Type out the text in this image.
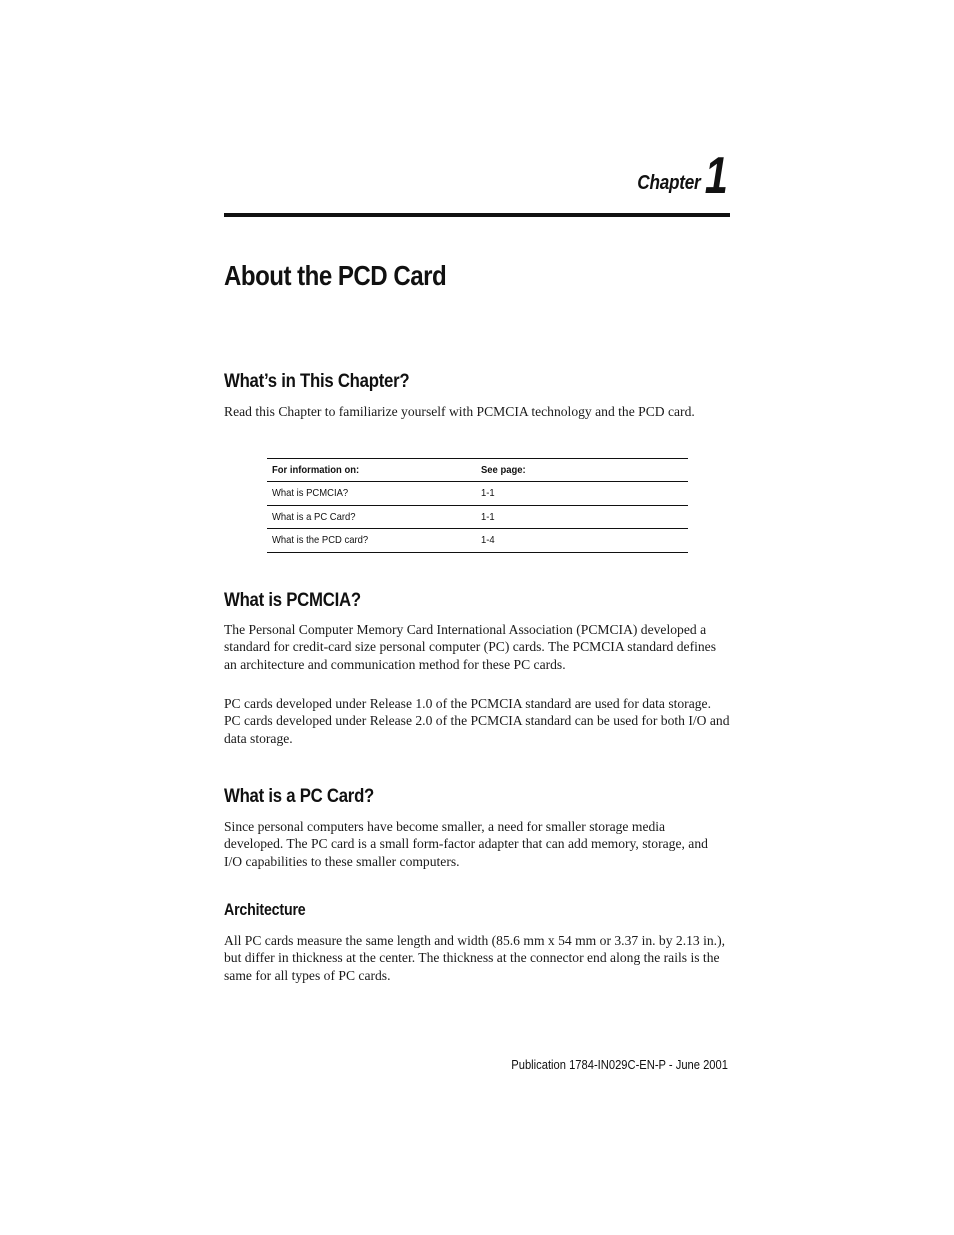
Chapter 1
About the PCD Card
What’s in This Chapter?

Read this Chapter to familiarize yourself with PCMCIA technology and the PCD card.

For information on:	See page:
What is PCMCIA?	1-1
What is a PC Card?	1-1
What is the PCD card?	1-4
What is PCMCIA?

The Personal Computer Memory Card International Association (PCMCIA) developed a standard for credit-card size personal computer (PC) cards. The PCMCIA standard defines an architecture and communication method for these PC cards.

PC cards developed under Release 1.0 of the PCMCIA standard are used for data storage. PC cards developed under Release 2.0 of the PCMCIA standard can be used for both I/O and data storage.

What is a PC Card?

Since personal computers have become smaller, a need for smaller storage media developed. The PC card is a small form-factor adapter that can add memory, storage, and I/O capabilities to these smaller computers.

Architecture

All PC cards measure the same length and width (85.6 mm x 54 mm or 3.37 in. by 2.13 in.), but differ in thickness at the center. The thickness at the connector end along the rails is the same for all types of PC cards.

Publication 1784-IN029C-EN-P - June 2001
